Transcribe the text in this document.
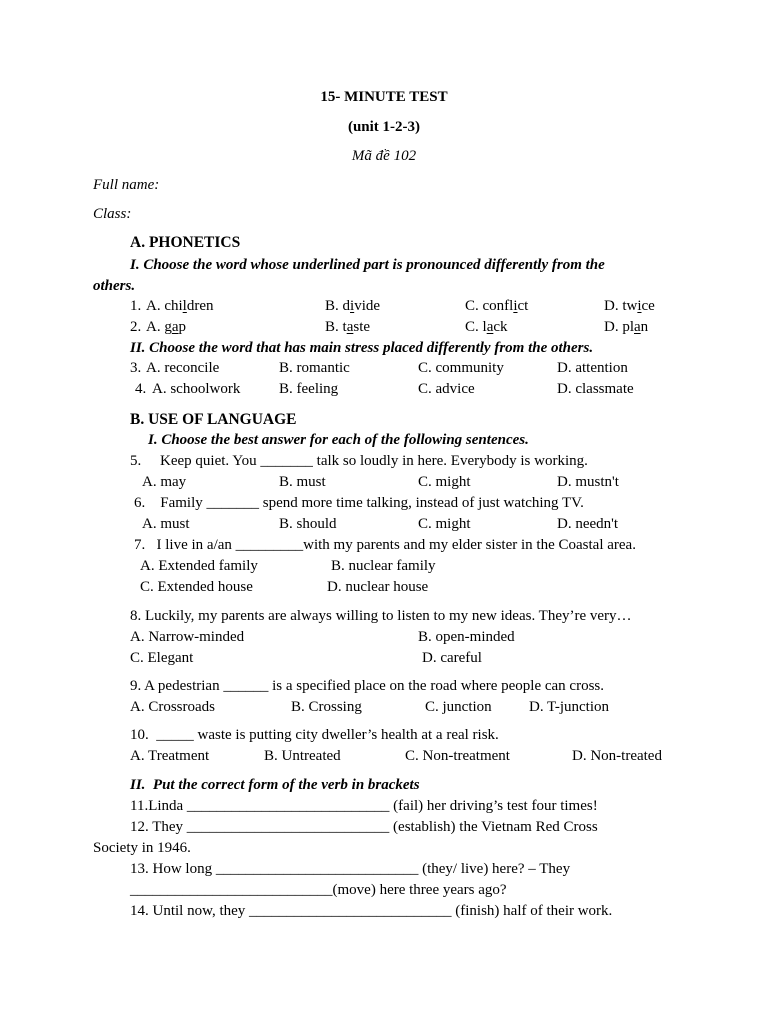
15- MINUTE TEST
(unit 1-2-3)
Mã đề 102
Full name:
Class:
A. PHONETICS
I. Choose the word whose underlined part is pronounced differently from the
others.
1. A. children	B. divide	C. conflict	D. twice
2. A. gap	B. taste	C. lack	D. plan
II. Choose the word that has main stress placed differently from the others.
3. A. reconcile	B. romantic	C. community	D. attention
4. A. schoolwork	B. feeling	C. advice	D. classmate
B. USE OF LANGUAGE
I. Choose the best answer for each of the following sentences.
5.     Keep quiet. You _______ talk so loudly in here. Everybody is working.
A. may	B. must	C. might	D. mustn't
6.    Family _______ spend more time talking, instead of just watching TV.
A. must	B. should	C. might	D. needn't
7.   I live in a/an _________with my parents and my elder sister in the Coastal area.
A. Extended family	B. nuclear family
C. Extended house	D. nuclear house
8. Luckily, my parents are always willing to listen to my new ideas. They’re very…
A. Narrow-minded	B. open-minded
C. Elegant	D. careful
9. A pedestrian ______ is a specified place on the road where people can cross.
A. Crossroads	B. Crossing	C. junction D. T-junction
10.  _____ waste is putting city dweller’s health at a real risk.
A. Treatment	B. Untreated	C. Non-treatment	D. Non-treated
II.  Put the correct form of the verb in brackets
11.Linda ___________________________ (fail) her driving’s test four times!
12. They ___________________________ (establish) the Vietnam Red Cross
Society in 1946.
13. How long ___________________________ (they/ live) here? – They
___________________________(move) here three years ago?
14. Until now, they ___________________________ (finish) half of their work.
